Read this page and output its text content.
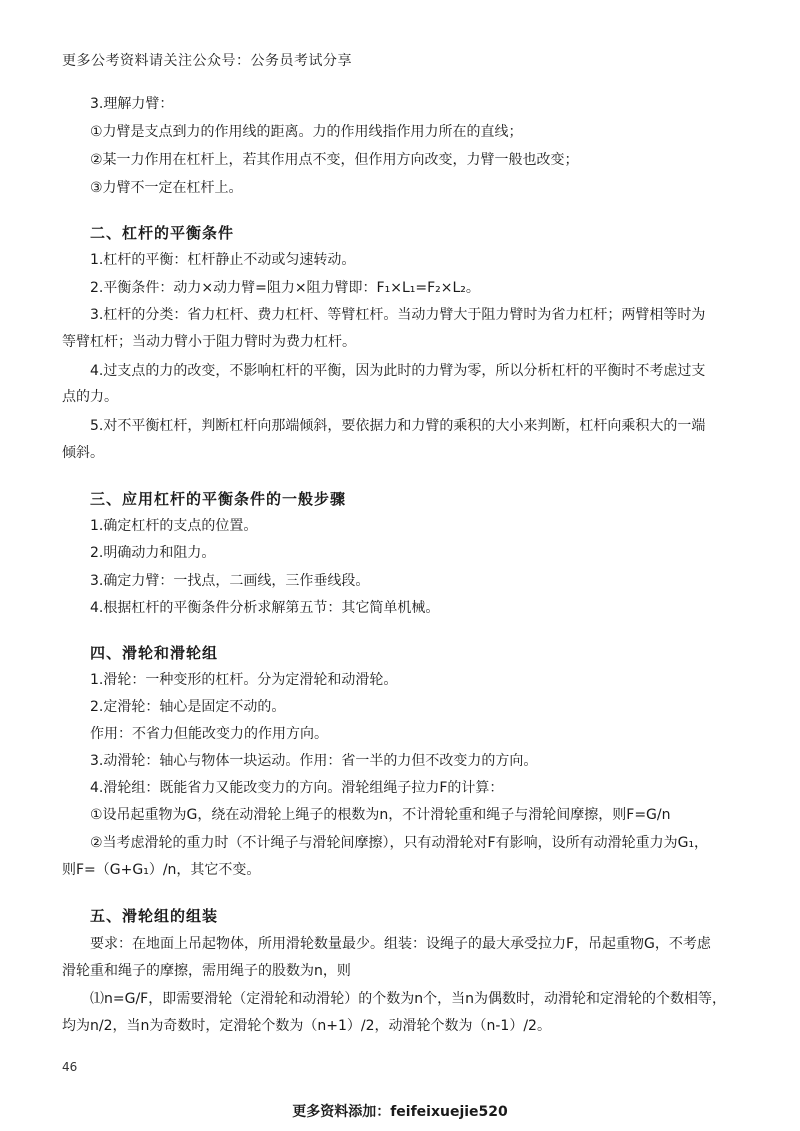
更多公考资料请关注公众号：公务员考试分享
3.理解力臂：
①力臂是支点到力的作用线的距离。力的作用线指作用力所在的直线；
②某一力作用在杠杆上，若其作用点不变，但作用方向改变，力臂一般也改变；
③力臂不一定在杠杆上。
二、杠杆的平衡条件
1.杠杆的平衡：杠杆静止不动或匀速转动。
2.平衡条件：动力×动力臂=阻力×阻力臂即：F₁×L₁=F₂×L₂。
3.杠杆的分类：省力杠杆、费力杠杆、等臂杠杆。当动力臂大于阻力臂时为省力杠杆；两臂相等时为
等臂杠杆；当动力臂小于阻力臂时为费力杠杆。
4.过支点的力的改变，不影响杠杆的平衡，因为此时的力臂为零，所以分析杠杆的平衡时不考虑过支
点的力。
5.对不平衡杠杆，判断杠杆向那端倾斜，要依据力和力臂的乘积的大小来判断，杠杆向乘积大的一端
倾斜。
三、应用杠杆的平衡条件的一般步骤
1.确定杠杆的支点的位置。
2.明确动力和阻力。
3.确定力臂：一找点，二画线，三作垂线段。
4.根据杠杆的平衡条件分析求解第五节：其它简单机械。
四、滑轮和滑轮组
1.滑轮：一种变形的杠杆。分为定滑轮和动滑轮。
2.定滑轮：轴心是固定不动的。
作用：不省力但能改变力的作用方向。
3.动滑轮：轴心与物体一块运动。作用：省一半的力但不改变力的方向。
4.滑轮组：既能省力又能改变力的方向。滑轮组绳子拉力F的计算：
①设吊起重物为G，绕在动滑轮上绳子的根数为n，不计滑轮重和绳子与滑轮间摩擦，则F=G/n
②当考虑滑轮的重力时（不计绳子与滑轮间摩擦），只有动滑轮对F有影响，设所有动滑轮重力为G₁，
则F=（G+G₁）/n，其它不变。
五、滑轮组的组装
要求：在地面上吊起物体，所用滑轮数量最少。组装：设绳子的最大承受拉力F，吊起重物G，不考虑
滑轮重和绳子的摩擦，需用绳子的股数为n，则
⑴n=G/F，即需要滑轮（定滑轮和动滑轮）的个数为n个，当n为偶数时，动滑轮和定滑轮的个数相等，
均为n/2，当n为奇数时，定滑轮个数为（n+1）/2，动滑轮个数为（n-1）/2。
46
更多资料添加：feifeixuejie520
